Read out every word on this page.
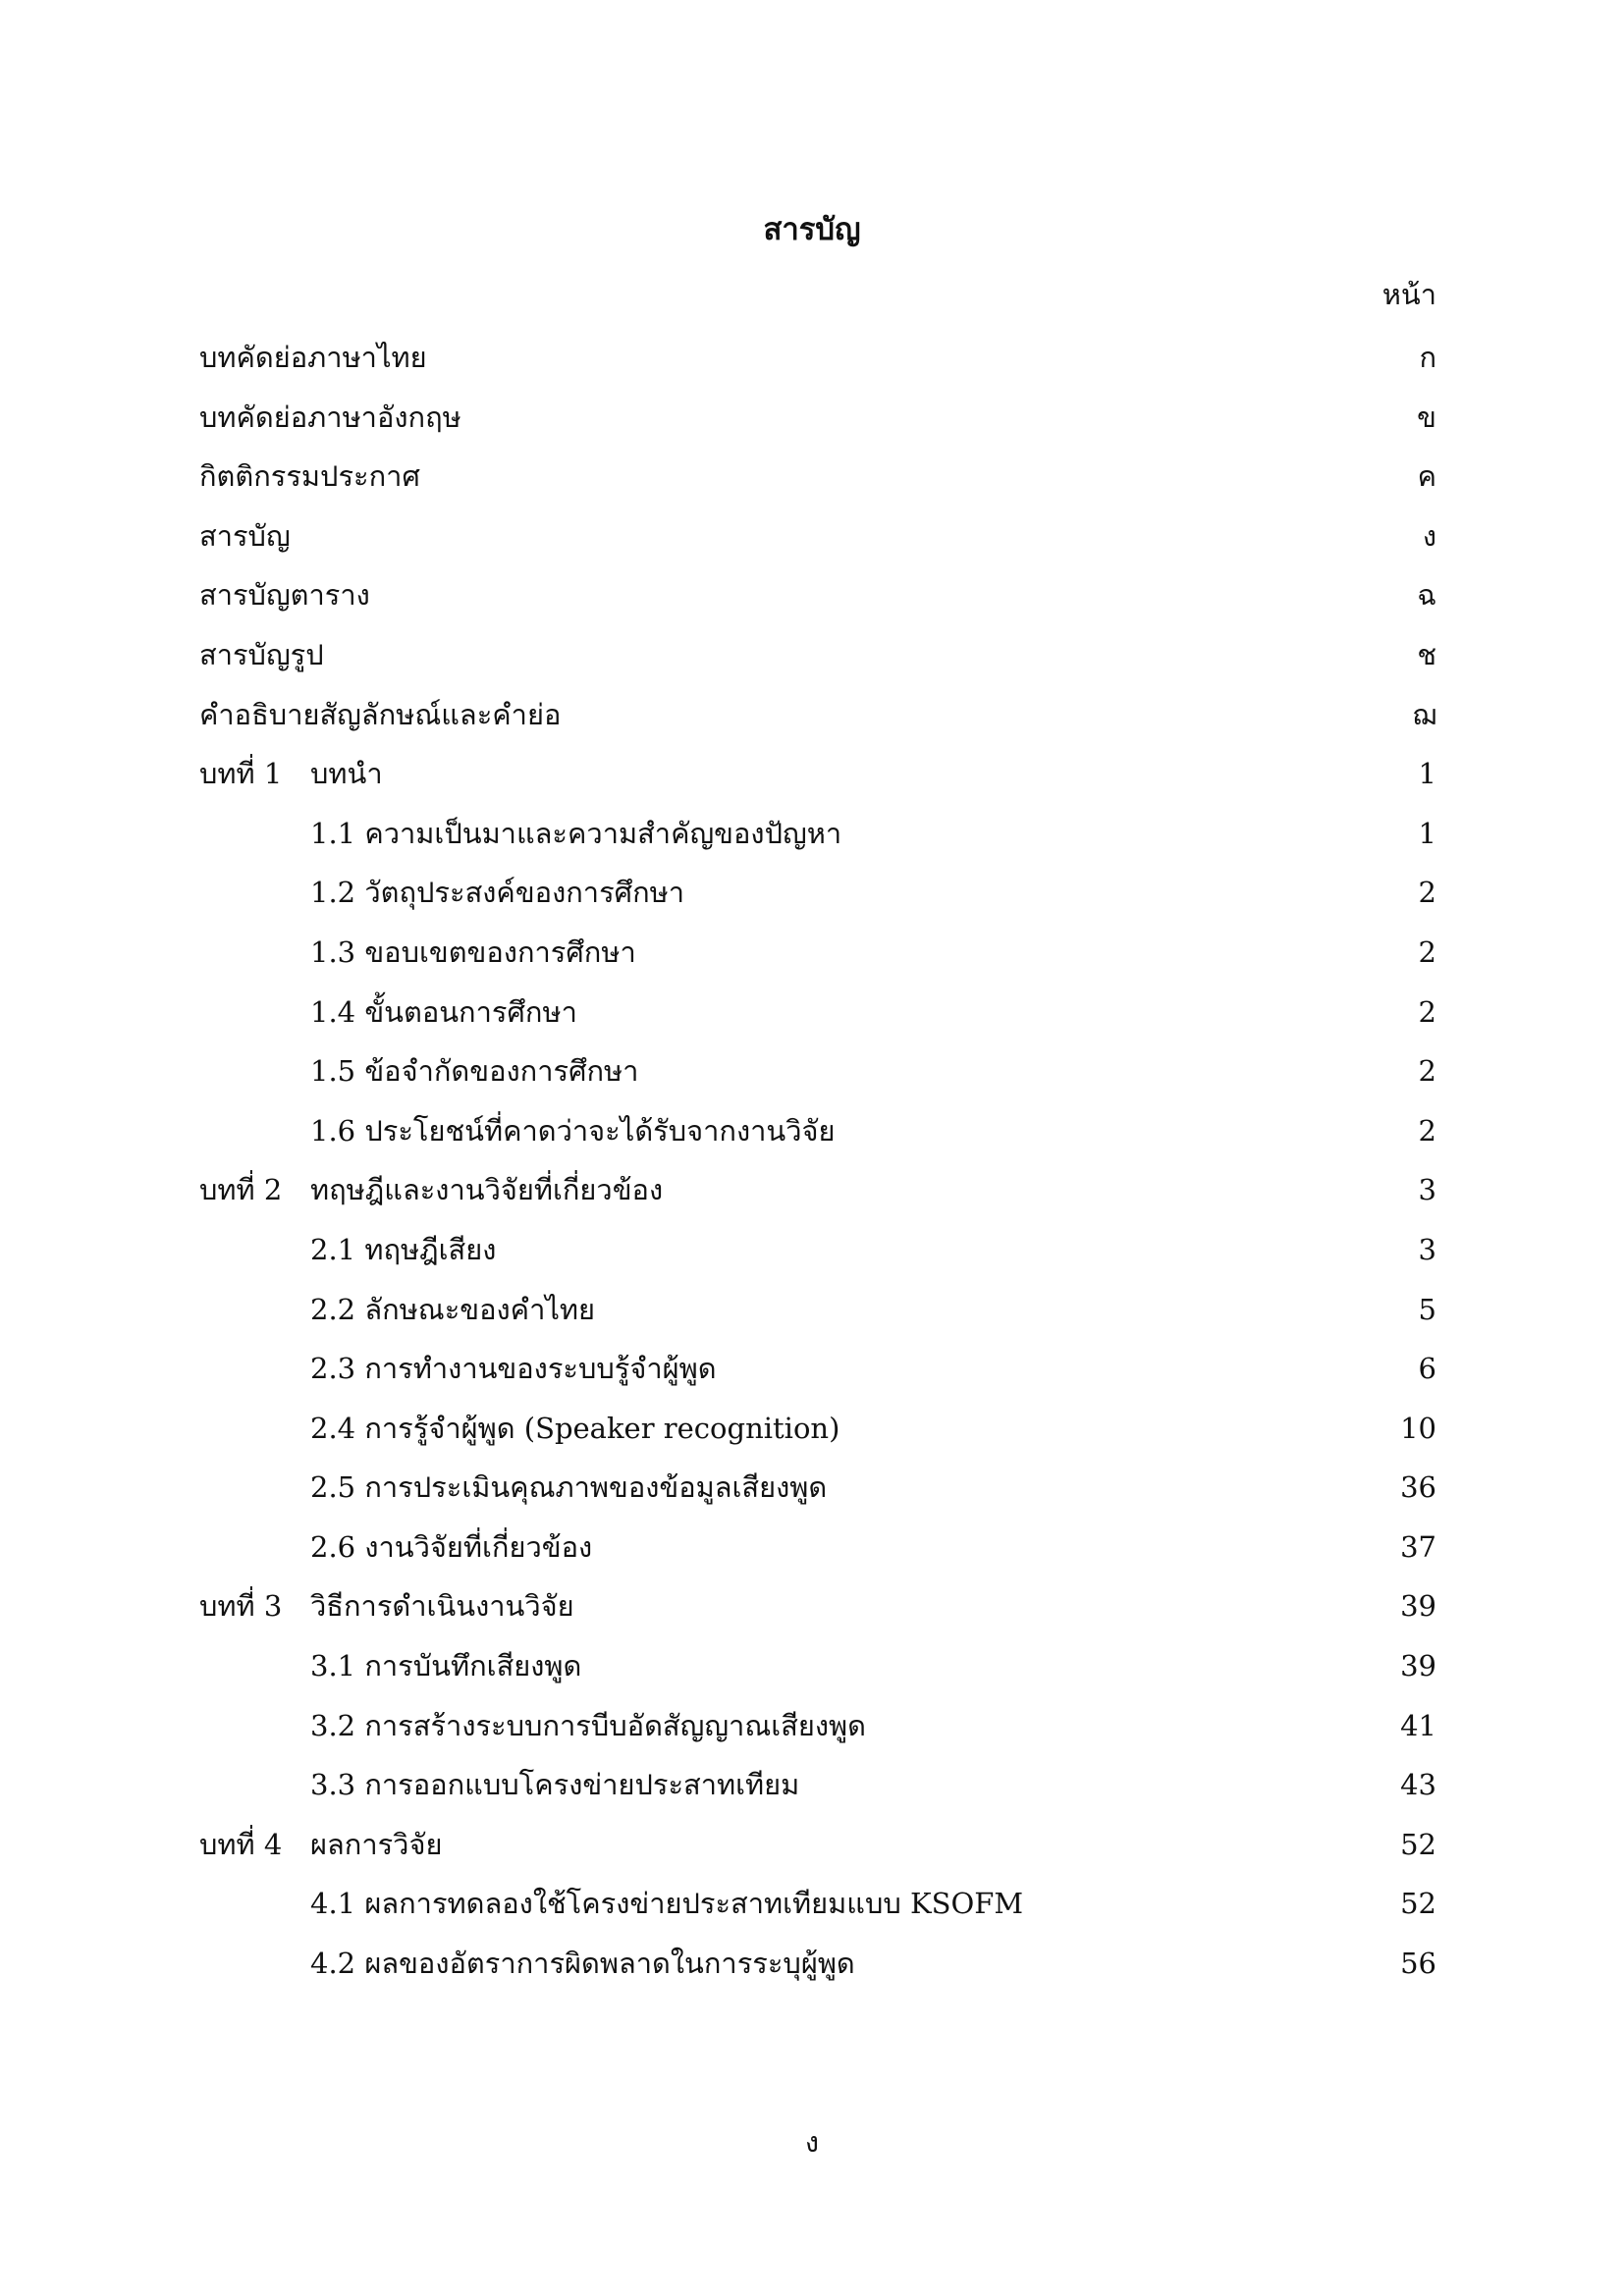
สารบัญ
หน้า
บทคัดย่อภาษาไทย	ก
บทคัดย่อภาษาอังกฤษ	ข
กิตติกรรมประกาศ	ค
สารบัญ	ง
สารบัญตาราง	ฉ
สารบัญรูป	ช
คำอธิบายสัญลักษณ์และคำย่อ	ฌ
บทที่ 1 บทนำ	1
1.1 ความเป็นมาและความสำคัญของปัญหา	1
1.2 วัตถุประสงค์ของการศึกษา	2
1.3 ขอบเขตของการศึกษา	2
1.4 ขั้นตอนการศึกษา	2
1.5 ข้อจำกัดของการศึกษา	2
1.6 ประโยชน์ที่คาดว่าจะได้รับจากงานวิจัย	2
บทที่ 2 ทฤษฎีและงานวิจัยที่เกี่ยวข้อง	3
2.1 ทฤษฎีเสียง	3
2.2 ลักษณะของคำไทย	5
2.3 การทำงานของระบบรู้จำผู้พูด	6
2.4 การรู้จำผู้พูด (Speaker recognition)	10
2.5 การประเมินคุณภาพของข้อมูลเสียงพูด	36
2.6 งานวิจัยที่เกี่ยวข้อง	37
บทที่ 3 วิธีการดำเนินงานวิจัย	39
3.1 การบันทึกเสียงพูด	39
3.2 การสร้างระบบการบีบอัดสัญญาณเสียงพูด	41
3.3 การออกแบบโครงข่ายประสาทเทียม	43
บทที่ 4 ผลการวิจัย	52
4.1 ผลการทดลองใช้โครงข่ายประสาทเทียมแบบ KSOFM	52
4.2 ผลของอัตราการผิดพลาดในการระบุผู้พูด	56
ง
